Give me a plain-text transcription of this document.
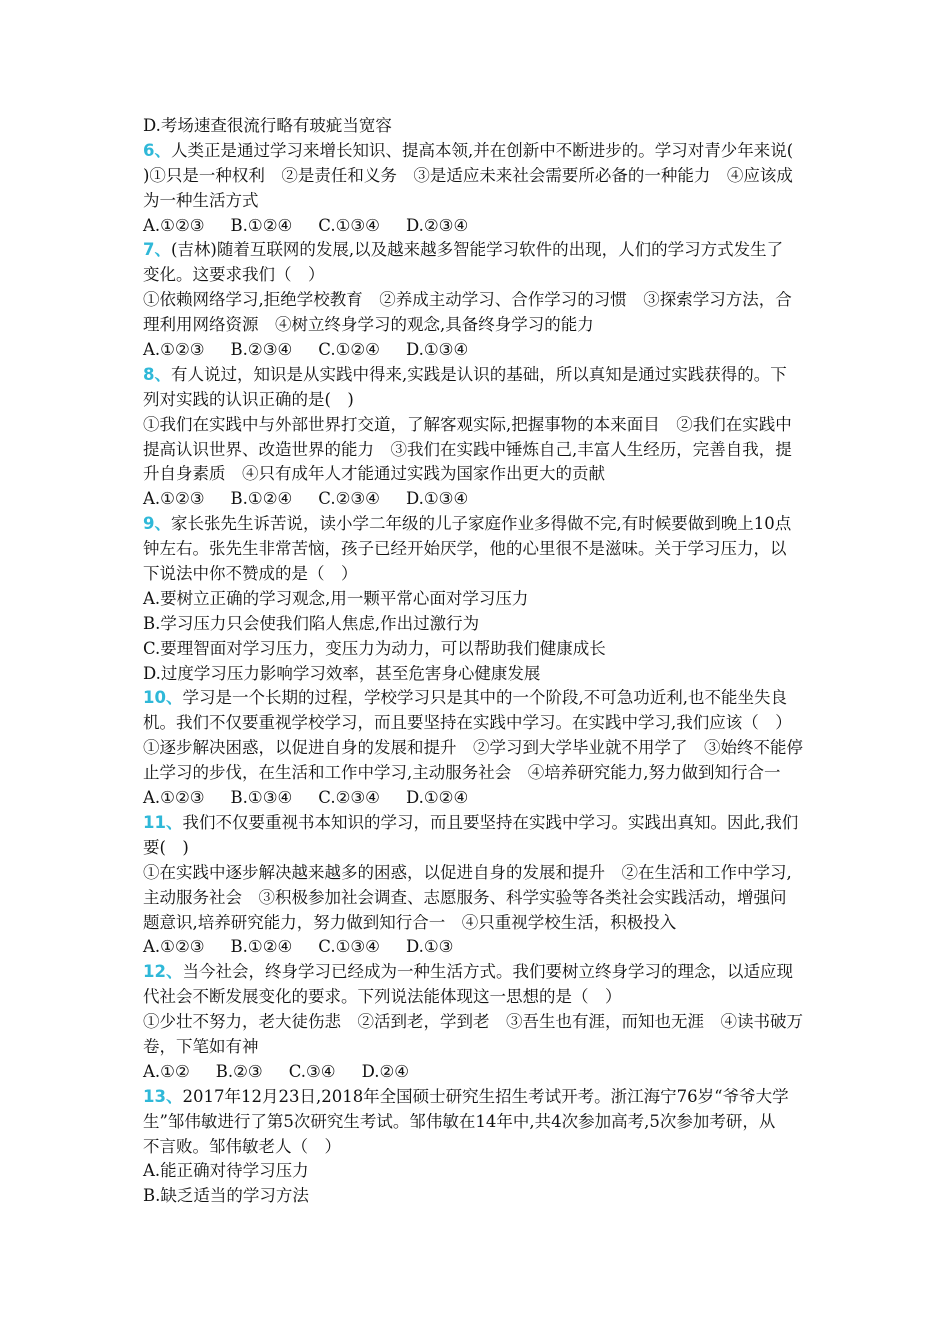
D.考场速查很流行略有玻疵当宽容
6、人类正是通过学习来增长知识、提高本领,并在创新中不断进步的。学习对青少年来说(
)①只是一种权利　②是责任和义务　③是适应未来社会需要所必备的一种能力　④应该成
为一种生活方式
A.①②③ B.①②④ C.①③④ D.②③④
7、(吉林)随着互联网的发展,以及越来越多智能学习软件的出现，人们的学习方式发生了
变化。这要求我们（　）
①依赖网络学习,拒绝学校教育　②养成主动学习、合作学习的习惯　③探索学习方法，合
理利用网络资源　④树立终身学习的观念,具备终身学习的能力
A.①②③ B.②③④ C.①②④ D.①③④
8、有人说过，知识是从实践中得来,实践是认识的基础，所以真知是通过实践获得的。下
列对实践的认识正确的是(　)
①我们在实践中与外部世界打交道，了解客观实际,把握事物的本来面目　②我们在实践中
提高认识世界、改造世界的能力　③我们在实践中锤炼自己,丰富人生经历，完善自我，提
升自身素质　④只有成年人才能通过实践为国家作出更大的贡献
A.①②③ B.①②④ C.②③④ D.①③④
9、家长张先生诉苦说，读小学二年级的儿子家庭作业多得做不完,有时候要做到晚上10点
钟左右。张先生非常苦恼，孩子已经开始厌学，他的心里很不是滋味。关于学习压力，以
下说法中你不赞成的是（　）
A.要树立正确的学习观念,用一颗平常心面对学习压力
B.学习压力只会使我们陷人焦虑,作出过激行为
C.要理智面对学习压力，变压力为动力，可以帮助我们健康成长
D.过度学习压力影响学习效率，甚至危害身心健康发展
10、学习是一个长期的过程，学校学习只是其中的一个阶段,不可急功近利,也不能坐失良
机。我们不仅要重视学校学习，而且要坚持在实践中学习。在实践中学习,我们应该（　）
①逐步解决困惑，以促进自身的发展和提升　②学习到大学毕业就不用学了　③始终不能停
止学习的步伐，在生活和工作中学习,主动服务社会　④培养研究能力,努力做到知行合一
A.①②③ B.①③④ C.②③④ D.①②④
11、我们不仅要重视书本知识的学习，而且要坚持在实践中学习。实践出真知。因此,我们
要(　)
①在实践中逐步解决越来越多的困惑，以促进自身的发展和提升　②在生活和工作中学习,
主动服务社会　③积极参加社会调查、志愿服务、科学实验等各类社会实践活动，增强问
题意识,培养研究能力，努力做到知行合一　④只重视学校生活，积极投入
A.①②③ B.①②④ C.①③④ D.①③
12、当今社会，终身学习已经成为一种生活方式。我们要树立终身学习的理念，以适应现
代社会不断发展变化的要求。下列说法能体现这一思想的是（　）
①少壮不努力，老大徒伤悲　②活到老，学到老　③吾生也有涯，而知也无涯　④读书破万
卷，下笔如有神
A.①② B.②③ C.③④ D.②④
13、2017年12月23日,2018年全国硕士研究生招生考试开考。浙江海宁76岁“爷爷大学
生”邹伟敏进行了第5次研究生考试。邹伟敏在14年中,共4次参加高考,5次参加考研，从
不言败。邹伟敏老人（　）
A.能正确对待学习压力
B.缺乏适当的学习方法
